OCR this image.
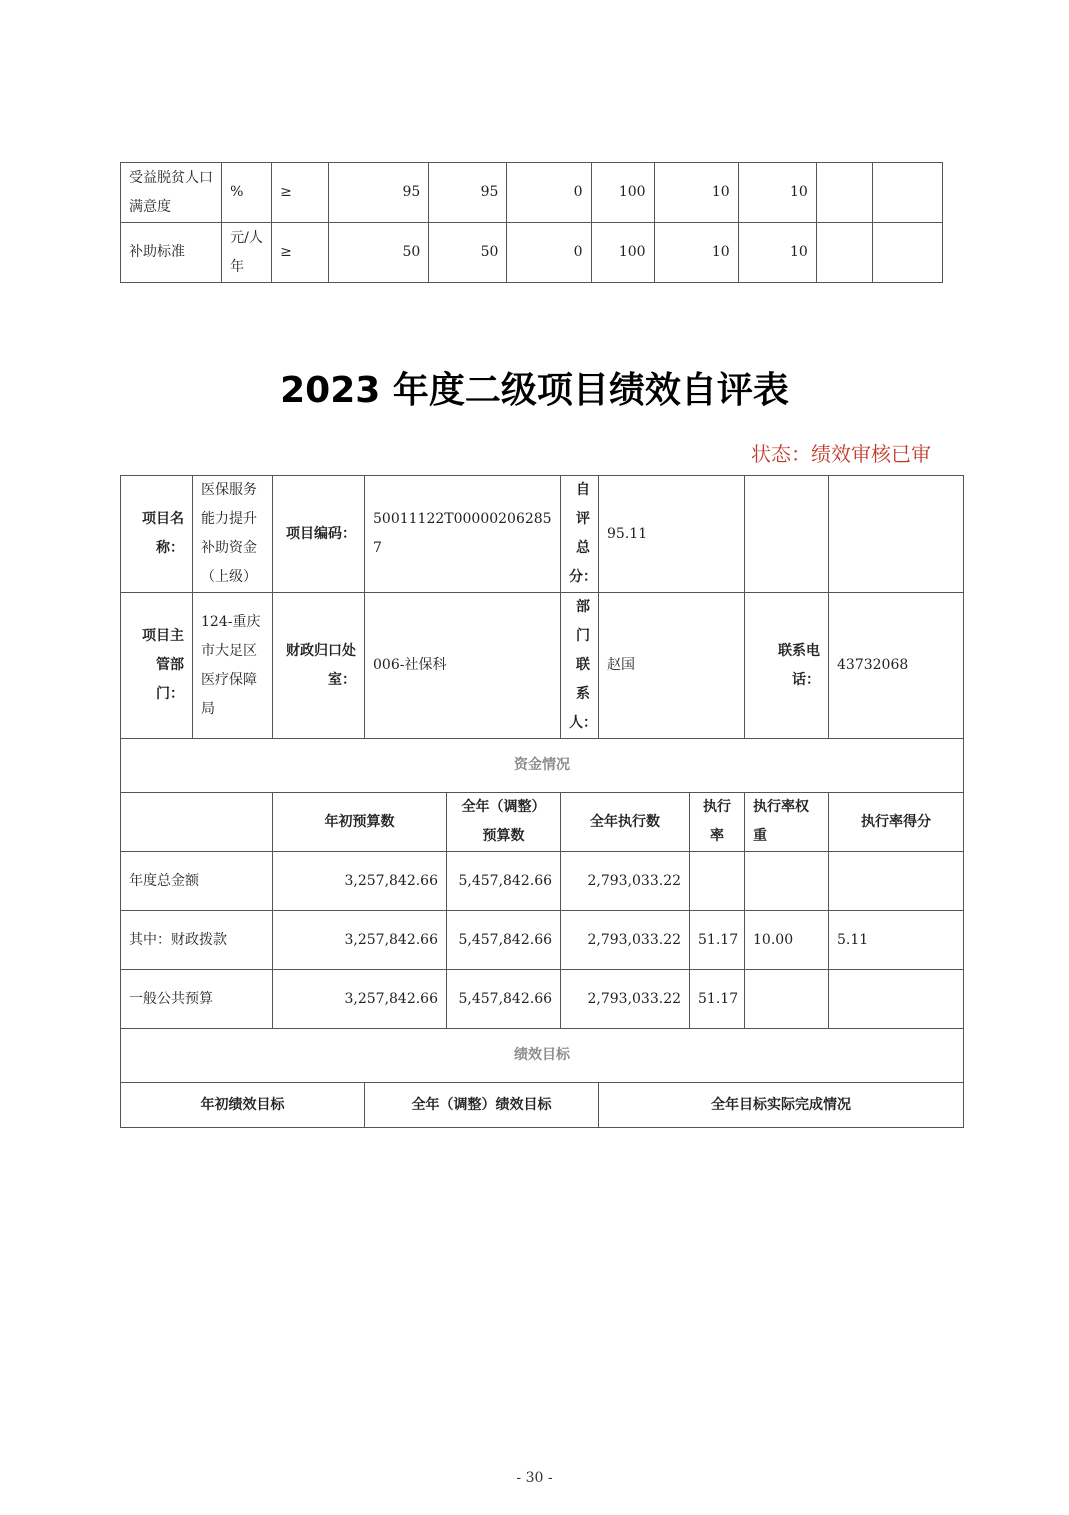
受益脱贫人口满意度	%	≥	95	95	0	100	10	10		
补助标准	元/人年	≥	50	50	0	100	10	10		
2023 年度二级项目绩效自评表
状态：绩效审核已审
项目名称：	医保服务能力提升补助资金（上级）	项目编码：	50011122T000002062857		自评总分：	95.11			
项目主管部门：	124-重庆市大足区医疗保障局	财政归口处室：	006-社保科		部门联系人：	赵国		联系电话：	43732068
资金情况									
		年初预算数		全年（调整）预算数	全年执行数		执行率	执行率权重	执行率得分
年度总金额		3,257,842.66		5,457,842.66	2,793,033.22				
其中：财政拨款		3,257,842.66		5,457,842.66	2,793,033.22		51.17	10.00	5.11
一般公共预算		3,257,842.66		5,457,842.66	2,793,033.22		51.17		
绩效目标									
年初绩效目标			全年（调整）绩效目标			全年目标实际完成情况			
- 30 -
